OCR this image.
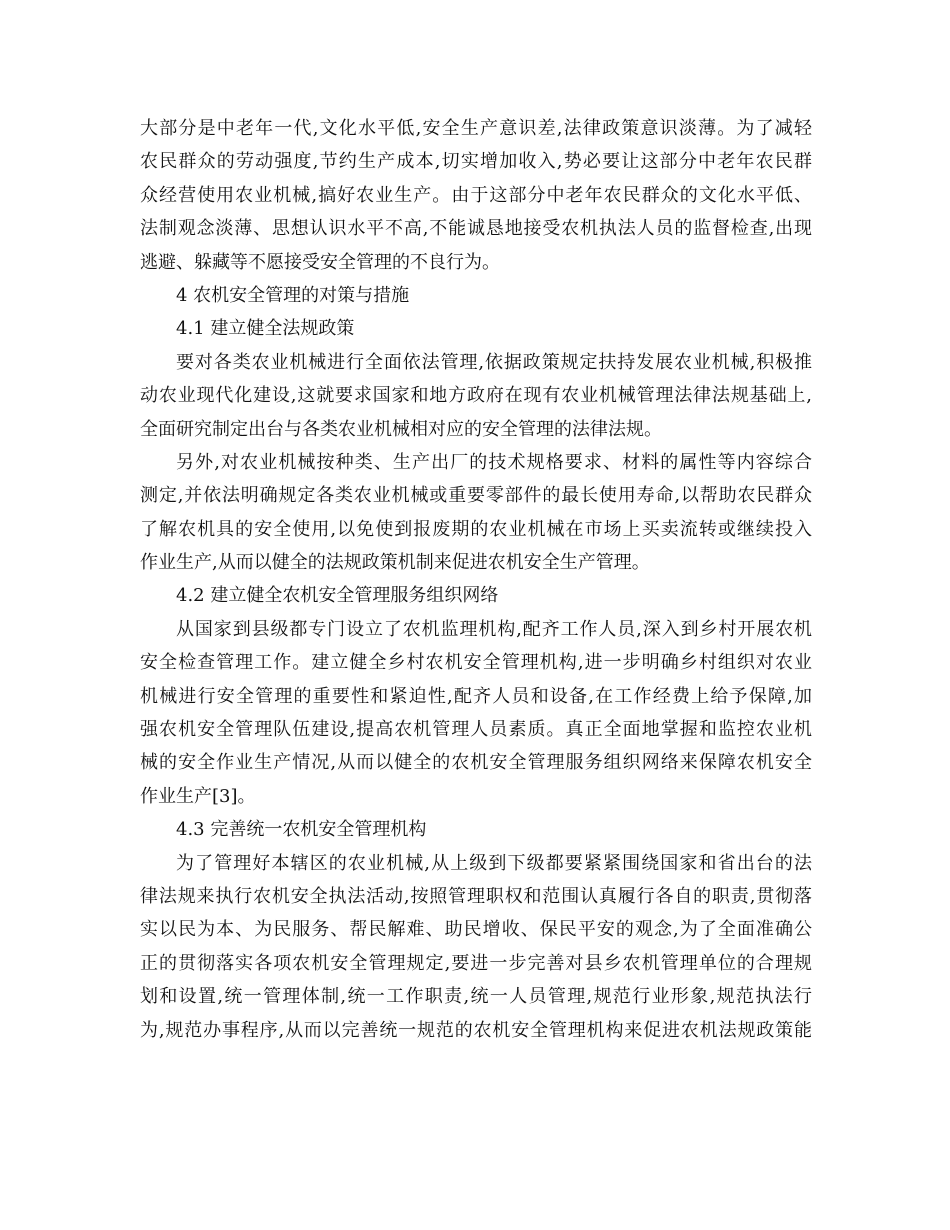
大部分是中老年一代,文化水平低,安全生产意识差,法律政策意识淡薄。为了减轻
农民群众的劳动强度,节约生产成本,切实增加收入,势必要让这部分中老年农民群
众经营使用农业机械,搞好农业生产。由于这部分中老年农民群众的文化水平低、
法制观念淡薄、思想认识水平不高,不能诚恳地接受农机执法人员的监督检查,出现
逃避、躲藏等不愿接受安全管理的不良行为。
4 农机安全管理的对策与措施
4.1 建立健全法规政策
要对各类农业机械进行全面依法管理,依据政策规定扶持发展农业机械,积极推
动农业现代化建设,这就要求国家和地方政府在现有农业机械管理法律法规基础上,
全面研究制定出台与各类农业机械相对应的安全管理的法律法规。
另外,对农业机械按种类、生产出厂的技术规格要求、材料的属性等内容综合
测定,并依法明确规定各类农业机械或重要零部件的最长使用寿命,以帮助农民群众
了解农机具的安全使用,以免使到报废期的农业机械在市场上买卖流转或继续投入
作业生产,从而以健全的法规政策机制来促进农机安全生产管理。
4.2 建立健全农机安全管理服务组织网络
从国家到县级都专门设立了农机监理机构,配齐工作人员,深入到乡村开展农机
安全检查管理工作。建立健全乡村农机安全管理机构,进一步明确乡村组织对农业
机械进行安全管理的重要性和紧迫性,配齐人员和设备,在工作经费上给予保障,加
强农机安全管理队伍建设,提高农机管理人员素质。真正全面地掌握和监控农业机
械的安全作业生产情况,从而以健全的农机安全管理服务组织网络来保障农机安全
作业生产[3]。
4.3 完善统一农机安全管理机构
为了管理好本辖区的农业机械,从上级到下级都要紧紧围绕国家和省出台的法
律法规来执行农机安全执法活动,按照管理职权和范围认真履行各自的职责,贯彻落
实以民为本、为民服务、帮民解难、助民增收、保民平安的观念,为了全面准确公
正的贯彻落实各项农机安全管理规定,要进一步完善对县乡农机管理单位的合理规
划和设置,统一管理体制,统一工作职责,统一人员管理,规范行业形象,规范执法行
为,规范办事程序,从而以完善统一规范的农机安全管理机构来促进农机法规政策能
